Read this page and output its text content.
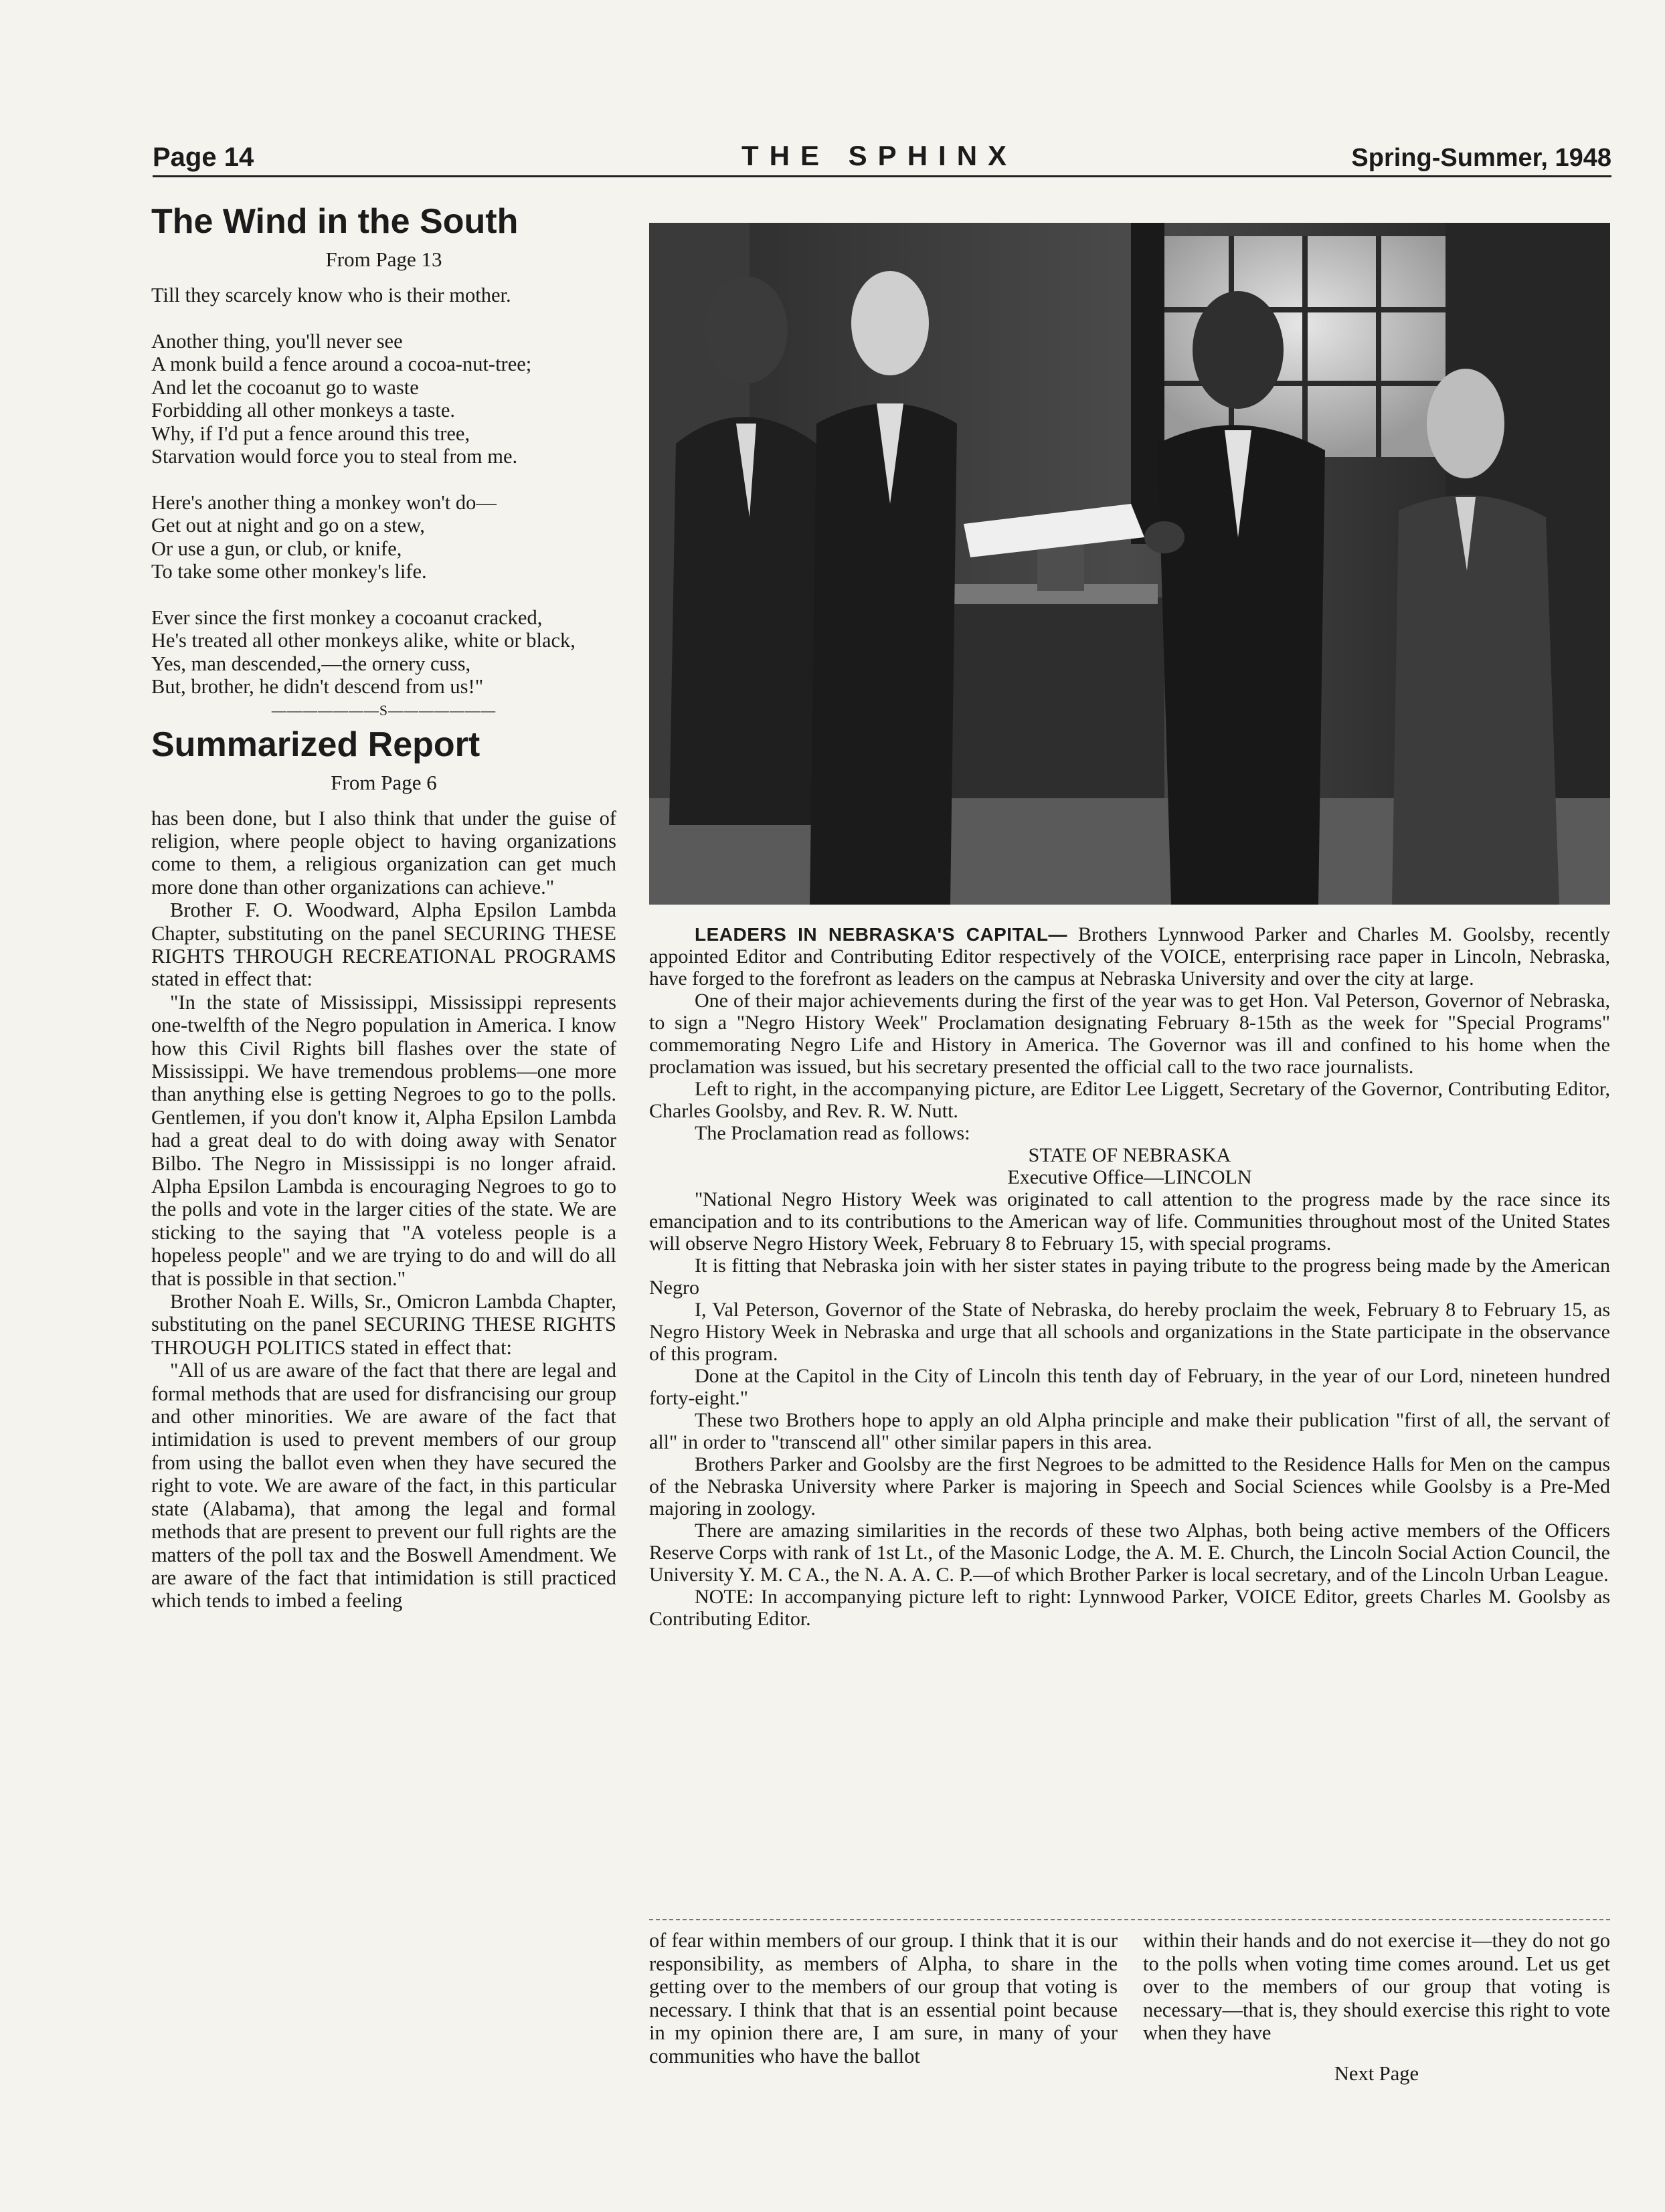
Page 14	THE SPHINX	Spring-Summer, 1948
The Wind in the South
From Page 13
Till they scarcely know who is their mother.
Another thing, you'll never see
A monk build a fence around a cocoa-nut-tree;
And let the cocoanut go to waste
Forbidding all other monkeys a taste.
Why, if I'd put a fence around this tree,
Starvation would force you to steal from me.
Here's another thing a monkey won't do—
Get out at night and go on a stew,
Or use a gun, or club, or knife,
To take some other monkey's life.
Ever since the first monkey a cocoanut cracked,
He's treated all other monkeys alike, white or black,
Yes, man descended,—the ornery cuss,
But, brother, he didn't descend from us!"
———————S———————
Summarized Report
From Page 6

has been done, but I also think that under the guise of religion, where people object to having organizations come to them, a religious organization can get much more done than other organizations can achieve."

Brother F. O. Woodward, Alpha Epsilon Lambda Chapter, substituting on the panel SECURING THESE RIGHTS THROUGH RECREATIONAL PROGRAMS stated in effect that:

"In the state of Mississippi, Mississippi represents one-twelfth of the Negro population in America. I know how this Civil Rights bill flashes over the state of Mississippi. We have tremendous problems—one more than anything else is getting Negroes to go to the polls. Gentlemen, if you don't know it, Alpha Epsilon Lambda had a great deal to do with doing away with Senator Bilbo. The Negro in Mississippi is no longer afraid. Alpha Epsilon Lambda is encouraging Negroes to go to the polls and vote in the larger cities of the state. We are sticking to the saying that "A voteless people is a hopeless people" and we are trying to do and will do all that is possible in that section."

Brother Noah E. Wills, Sr., Omicron Lambda Chapter, substituting on the panel SECURING THESE RIGHTS THROUGH POLITICS stated in effect that:

"All of us are aware of the fact that there are legal and formal methods that are used for disfrancising our group and other minorities. We are aware of the fact that intimidation is used to prevent members of our group from using the ballot even when they have secured the right to vote. We are aware of the fact, in this particular state (Alabama), that among the legal and formal methods that are present to prevent our full rights are the matters of the poll tax and the Boswell Amendment. We are aware of the fact that intimidation is still practiced which tends to imbed a feeling

LEADERS IN NEBRASKA'S CAPITAL— Brothers Lynnwood Parker and Charles M. Goolsby, recently appointed Editor and Contributing Editor respectively of the VOICE, enterprising race paper in Lincoln, Nebraska, have forged to the forefront as leaders on the campus at Nebraska University and over the city at large.

One of their major achievements during the first of the year was to get Hon. Val Peterson, Governor of Nebraska, to sign a "Negro History Week" Proclamation designating February 8-15th as the week for "Special Programs" commemorating Negro Life and History in America. The Governor was ill and confined to his home when the proclamation was issued, but his secretary presented the official call to the two race journalists.

Left to right, in the accompanying picture, are Editor Lee Liggett, Secretary of the Governor, Contributing Editor, Charles Goolsby, and Rev. R. W. Nutt.

The Proclamation read as follows:

STATE OF NEBRASKA

Executive Office—LINCOLN

"National Negro History Week was originated to call attention to the progress made by the race since its emancipation and to its contributions to the American way of life. Communities throughout most of the United States will observe Negro History Week, February 8 to February 15, with special programs.

It is fitting that Nebraska join with her sister states in paying tribute to the progress being made by the American Negro

I, Val Peterson, Governor of the State of Nebraska, do hereby proclaim the week, February 8 to February 15, as Negro History Week in Nebraska and urge that all schools and organizations in the State participate in the observance of this program.

Done at the Capitol in the City of Lincoln this tenth day of February, in the year of our Lord, nineteen hundred forty-eight."

These two Brothers hope to apply an old Alpha principle and make their publication "first of all, the servant of all" in order to "transcend all" other similar papers in this area.

Brothers Parker and Goolsby are the first Negroes to be admitted to the Residence Halls for Men on the campus of the Nebraska University where Parker is majoring in Speech and Social Sciences while Goolsby is a Pre-Med majoring in zoology.

There are amazing similarities in the records of these two Alphas, both being active members of the Officers Reserve Corps with rank of 1st Lt., of the Masonic Lodge, the A. M. E. Church, the Lincoln Social Action Council, the University Y. M. C A., the N. A. A. C. P.—of which Brother Parker is local secretary, and of the Lincoln Urban League.

NOTE: In accompanying picture left to right: Lynnwood Parker, VOICE Editor, greets Charles M. Goolsby as Contributing Editor.

of fear within members of our group. I think that it is our responsibility, as members of Alpha, to share in the getting over to the members of our group that voting is necessary. I think that that is an essential point because in my opinion there are, I am sure, in many of your communities who have the ballot
within their hands and do not exercise it—they do not go to the polls when voting time comes around. Let us get over to the members of our group that voting is necessary—that is, they should exercise this right to vote when they have
Next Page
